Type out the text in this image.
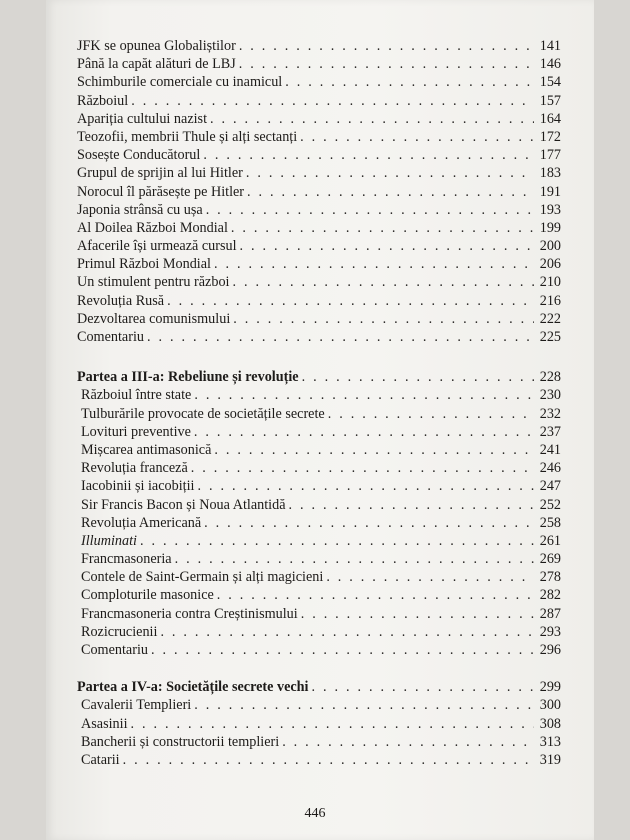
JFK se opunea Globaliștilor . . .	141
Până la capăt alături de LBJ . . .	146
Schimburile comerciale cu inamicul . . .	154
Războiul . . .	157
Apariția cultului nazist . . .	164
Teozofii, membrii Thule și alți sectanți . . .	172
Sosește Conducătorul . . .	177
Grupul de sprijin al lui Hitler . . .	183
Norocul îl părăsește pe Hitler . . .	191
Japonia strânsă cu ușa . . .	193
Al Doilea Război Mondial . . .	199
Afacerile își urmează cursul . . .	200
Primul Război Mondial . . .	206
Un stimulent pentru război . . .	210
Revoluția Rusă . . .	216
Dezvoltarea comunismului . . .	222
Comentariu . . .	225
Partea a III-a: Rebeliune și revoluție . . .	228
Războiul între state . . .	230
Tulburările provocate de societățile secrete . . .	232
Lovituri preventive . . .	237
Mișcarea antimasonică . . .	241
Revoluția franceză . . .	246
Iacobinii și iacobiții . . .	247
Sir Francis Bacon și Noua Atlantidă . . .	252
Revoluția Americană . . .	258
Illuminati . . .	261
Francmasoneria . . .	269
Contele de Saint-Germain și alți magicieni . . .	278
Comploturile masonice . . .	282
Francmasoneria contra Creștinismului . . .	287
Rozicrucienii . . .	293
Comentariu . . .	296
Partea a IV-a: Societățile secrete vechi . . .	299
Cavalerii Templieri . . .	300
Asasinii . . .	308
Bancherii și constructorii templieri . . .	313
Catarii . . .	319
446
